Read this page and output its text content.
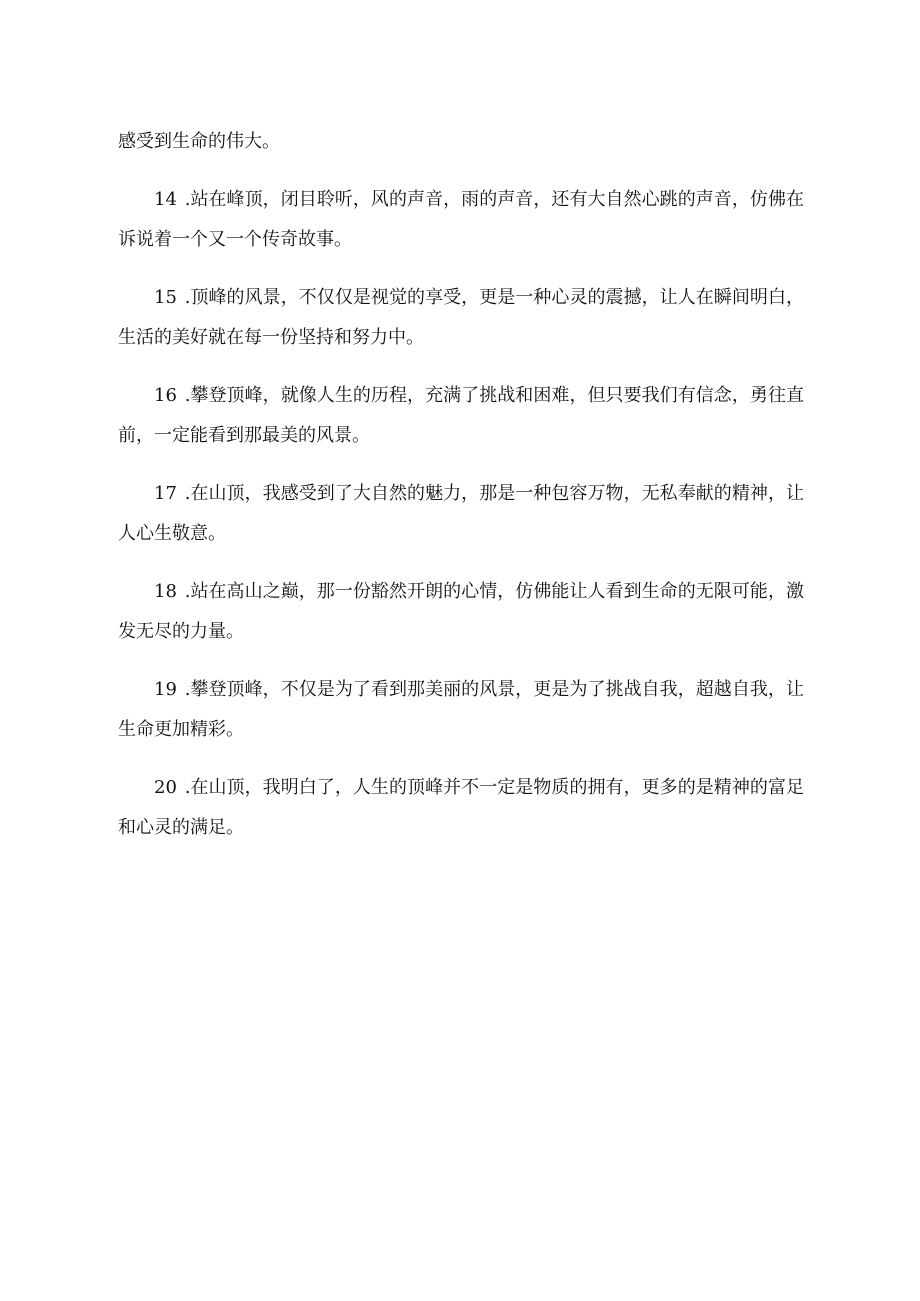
感受到生命的伟大。

14 .站在峰顶，闭目聆听，风的声音，雨的声音，还有大自然心跳的声音，仿佛在诉说着一个又一个传奇故事。

15 .顶峰的风景，不仅仅是视觉的享受，更是一种心灵的震撼，让人在瞬间明白，生活的美好就在每一份坚持和努力中。

16 .攀登顶峰，就像人生的历程，充满了挑战和困难，但只要我们有信念，勇往直前，一定能看到那最美的风景。

17 .在山顶，我感受到了大自然的魅力，那是一种包容万物，无私奉献的精神，让人心生敬意。

18 .站在高山之巅，那一份豁然开朗的心情，仿佛能让人看到生命的无限可能，激发无尽的力量。

19 .攀登顶峰，不仅是为了看到那美丽的风景，更是为了挑战自我，超越自我，让生命更加精彩。

20 .在山顶，我明白了，人生的顶峰并不一定是物质的拥有，更多的是精神的富足和心灵的满足。
